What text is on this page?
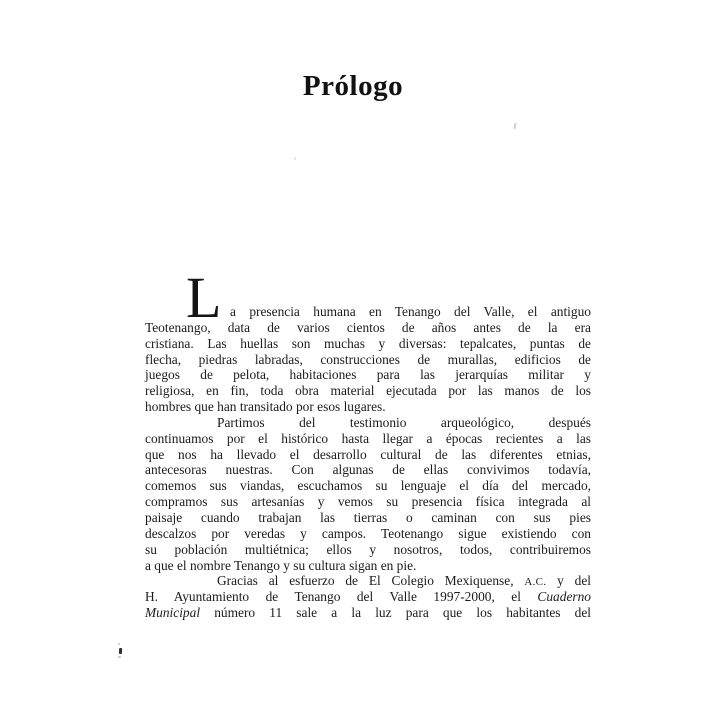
Prólogo
L a presencia humana en Tenango del Valle, el antiguo
Teotenango, data de varios cientos de años antes de la era
cristiana. Las huellas son muchas y diversas: tepalcates, puntas de
flecha, piedras labradas, construcciones de murallas, edificios de
juegos de pelota, habitaciones para las jerarquías militar y
religiosa, en fin, toda obra material ejecutada por las manos de los
hombres que han transitado por esos lugares.
Partimos del testimonio arqueológico, después
continuamos por el histórico hasta llegar a épocas recientes a las
que nos ha llevado el desarrollo cultural de las diferentes etnias,
antecesoras nuestras. Con algunas de ellas convivimos todavía,
comemos sus viandas, escuchamos su lenguaje el día del mercado,
compramos sus artesanías y vemos su presencia física integrada al
paisaje cuando trabajan las tierras o caminan con sus pies
descalzos por veredas y campos. Teotenango sigue existiendo con
su población multiétnica; ellos y nosotros, todos, contribuiremos
a que el nombre Tenango y su cultura sigan en pie.
Gracias al esfuerzo de El Colegio Mexiquense, A.C. y del
H. Ayuntamiento de Tenango del Valle 1997-2000, el Cuaderno
Municipal número 11 sale a la luz para que los habitantes del
